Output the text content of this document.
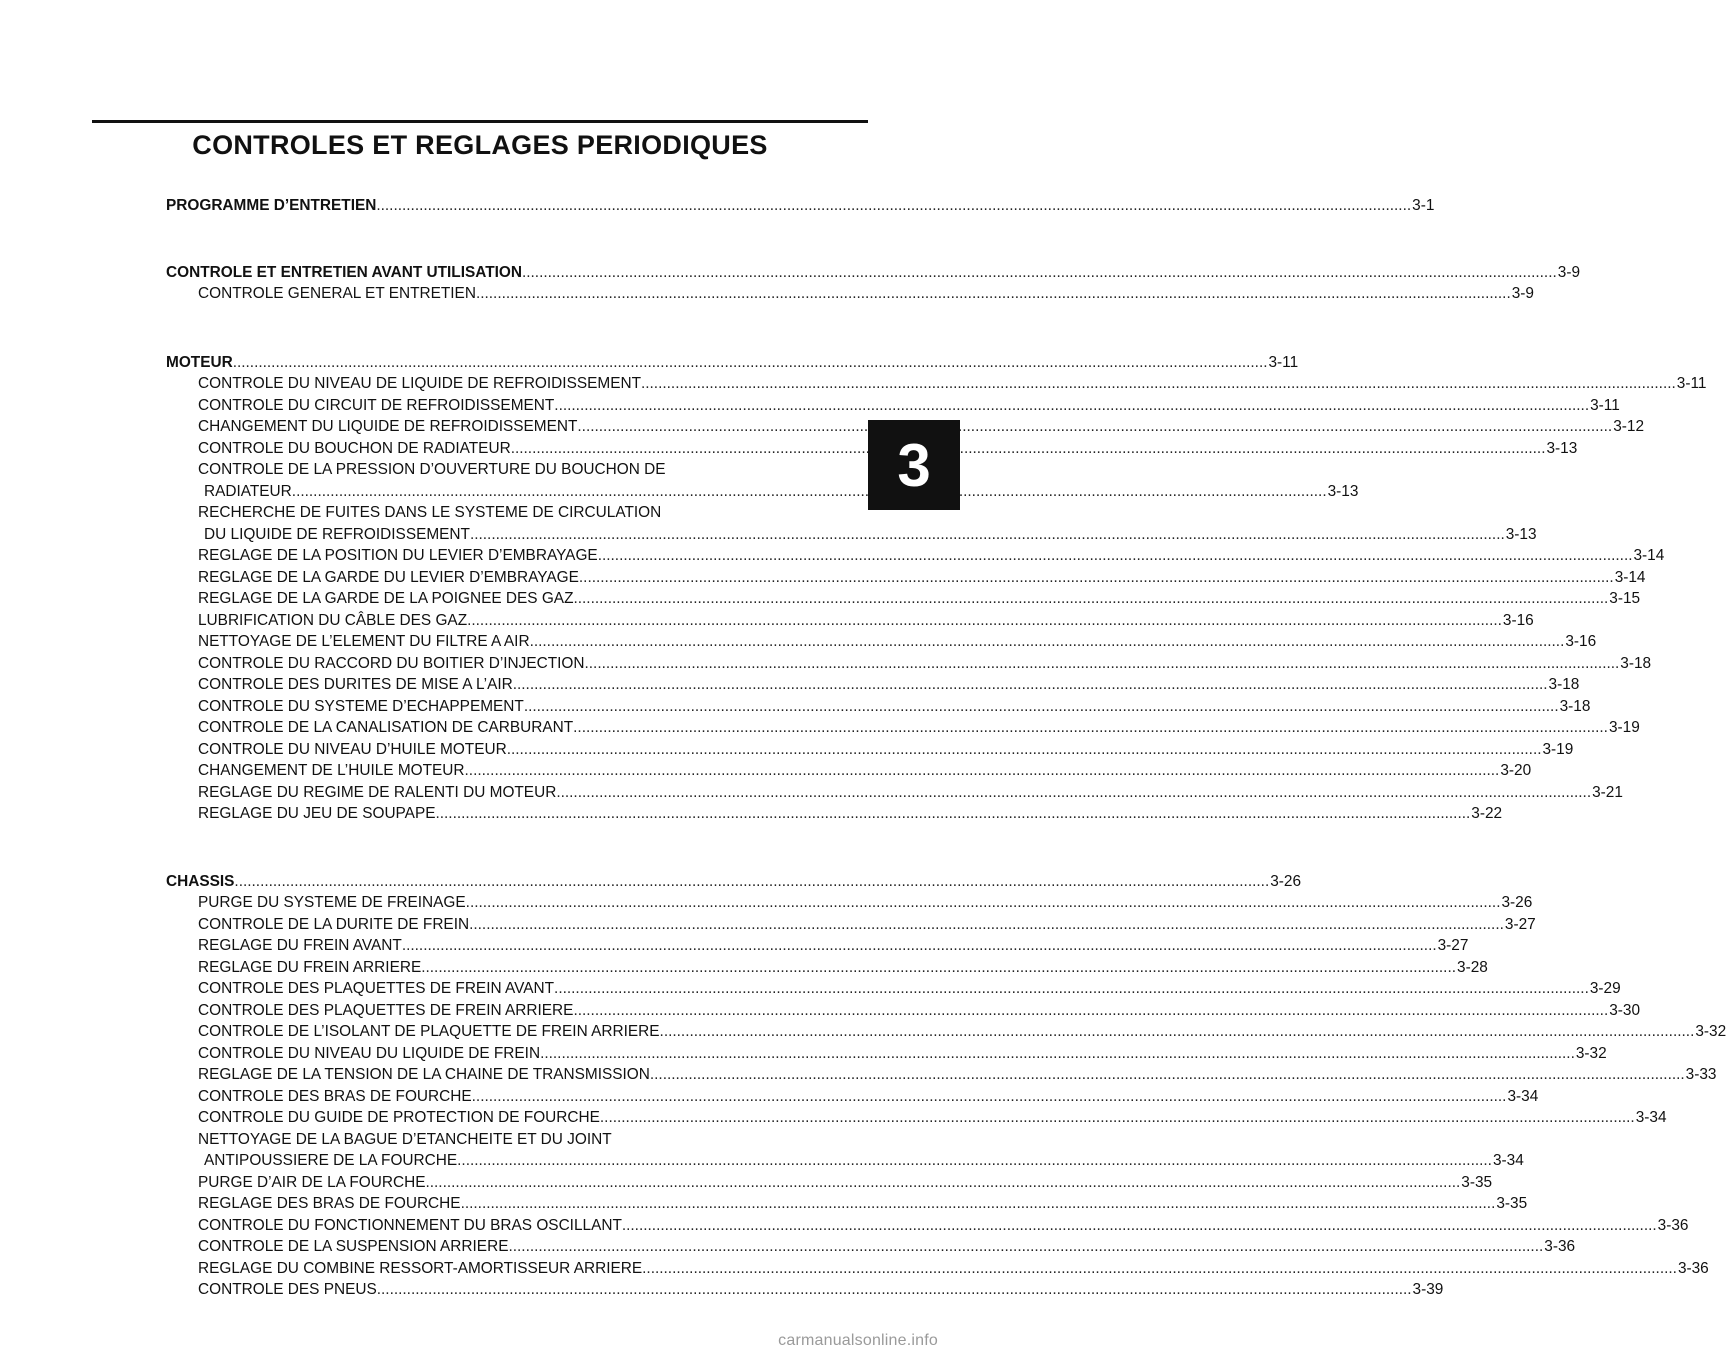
CONTROLES ET REGLAGES PERIODIQUES
PROGRAMME D’ENTRETIEN .....	3-1
CONTROLE ET ENTRETIEN AVANT UTILISATION .....	3-9
CONTROLE GENERAL ET ENTRETIEN .....	3-9
MOTEUR .....	3-11
CONTROLE DU NIVEAU DE LIQUIDE DE REFROIDISSEMENT .....	3-11
CONTROLE DU CIRCUIT DE REFROIDISSEMENT .....	3-11
CHANGEMENT DU LIQUIDE DE REFROIDISSEMENT .....	3-12
CONTROLE DU BOUCHON DE RADIATEUR .....	3-13
CONTROLE DE LA PRESSION D’OUVERTURE DU BOUCHON DE
RADIATEUR .....	3-13
RECHERCHE DE FUITES DANS LE SYSTEME DE CIRCULATION
DU LIQUIDE DE REFROIDISSEMENT .....	3-13
REGLAGE DE LA POSITION DU LEVIER D’EMBRAYAGE .....	3-14
REGLAGE DE LA GARDE DU LEVIER D’EMBRAYAGE .....	3-14
REGLAGE DE LA GARDE DE LA POIGNEE DES GAZ .....	3-15
LUBRIFICATION DU CÂBLE DES GAZ .....	3-16
NETTOYAGE DE L’ELEMENT DU FILTRE A AIR .....	3-16
CONTROLE DU RACCORD DU BOITIER D’INJECTION .....	3-18
CONTROLE DES DURITES DE MISE A L’AIR .....	3-18
CONTROLE DU SYSTEME D’ECHAPPEMENT .....	3-18
CONTROLE DE LA CANALISATION DE CARBURANT .....	3-19
CONTROLE DU NIVEAU D’HUILE MOTEUR .....	3-19
CHANGEMENT DE L’HUILE MOTEUR .....	3-20
REGLAGE DU REGIME DE RALENTI DU MOTEUR .....	3-21
REGLAGE DU JEU DE SOUPAPE .....	3-22
CHASSIS .....	3-26
PURGE DU SYSTEME DE FREINAGE .....	3-26
CONTROLE DE LA DURITE DE FREIN .....	3-27
REGLAGE DU FREIN AVANT .....	3-27
REGLAGE DU FREIN ARRIERE .....	3-28
CONTROLE DES PLAQUETTES DE FREIN AVANT .....	3-29
CONTROLE DES PLAQUETTES DE FREIN ARRIERE .....	3-30
CONTROLE DE L’ISOLANT DE PLAQUETTE DE FREIN ARRIERE .....	3-32
CONTROLE DU NIVEAU DU LIQUIDE DE FREIN .....	3-32
REGLAGE DE LA TENSION DE LA CHAINE DE TRANSMISSION .....	3-33
CONTROLE DES BRAS DE FOURCHE .....	3-34
CONTROLE DU GUIDE DE PROTECTION DE FOURCHE .....	3-34
NETTOYAGE DE LA BAGUE D’ETANCHEITE ET DU JOINT
ANTIPOUSSIERE DE LA FOURCHE .....	3-34
PURGE D’AIR DE LA FOURCHE .....	3-35
REGLAGE DES BRAS DE FOURCHE .....	3-35
CONTROLE DU FONCTIONNEMENT DU BRAS OSCILLANT .....	3-36
CONTROLE DE LA SUSPENSION ARRIERE .....	3-36
REGLAGE DU COMBINE RESSORT-AMORTISSEUR ARRIERE .....	3-36
CONTROLE DES PNEUS .....	3-39
3
carmanualsonline.info
